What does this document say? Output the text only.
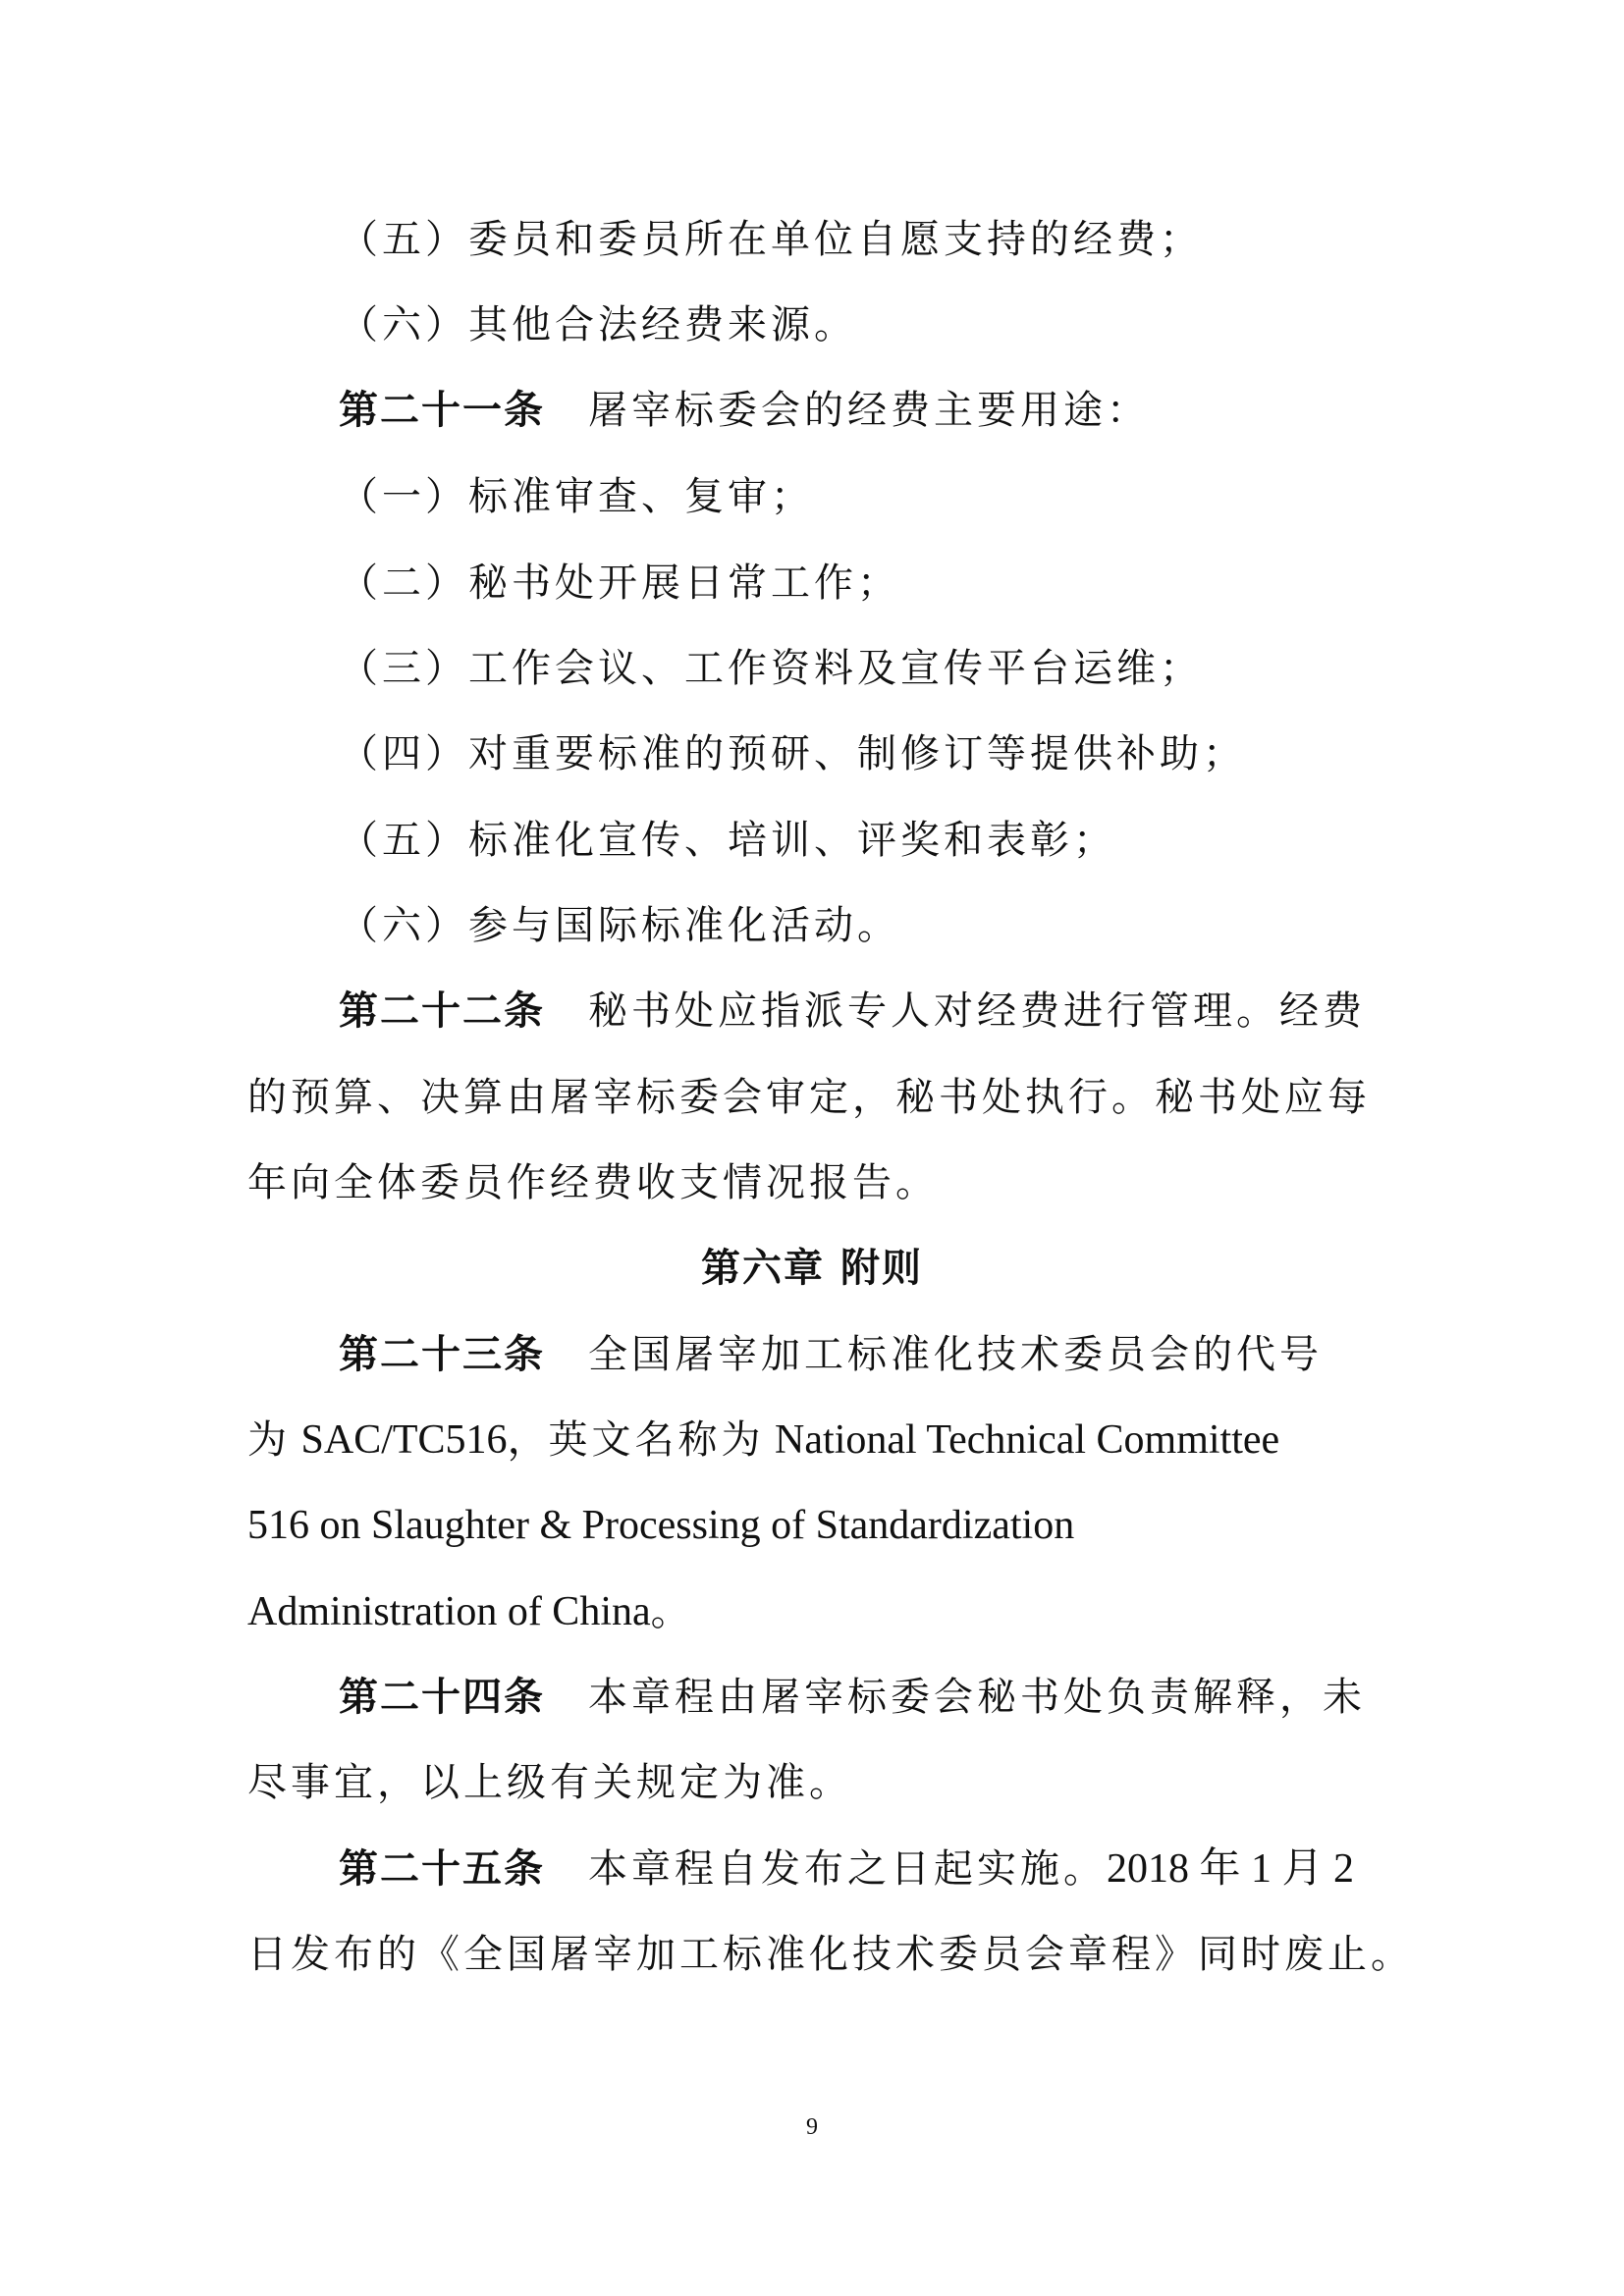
（五）委员和委员所在单位自愿支持的经费；
（六）其他合法经费来源。
第二十一条 屠宰标委会的经费主要用途：
（一）标准审查、复审；
（二）秘书处开展日常工作；
（三）工作会议、工作资料及宣传平台运维；
（四）对重要标准的预研、制修订等提供补助；
（五）标准化宣传、培训、评奖和表彰；
（六）参与国际标准化活动。
第二十二条 秘书处应指派专人对经费进行管理。经费
的预算、决算由屠宰标委会审定，秘书处执行。秘书处应每
年向全体委员作经费收支情况报告。
第六章 附则
第二十三条 全国屠宰加工标准化技术委员会的代号
为 SAC/TC516，英文名称为 National Technical Committee
516 on Slaughter & Processing of Standardization
Administration of China。
第二十四条 本章程由屠宰标委会秘书处负责解释，未
尽事宜，以上级有关规定为准。
第二十五条 本章程自发布之日起实施。2018 年 1 月 2
日发布的《全国屠宰加工标准化技术委员会章程》同时废止。
9
